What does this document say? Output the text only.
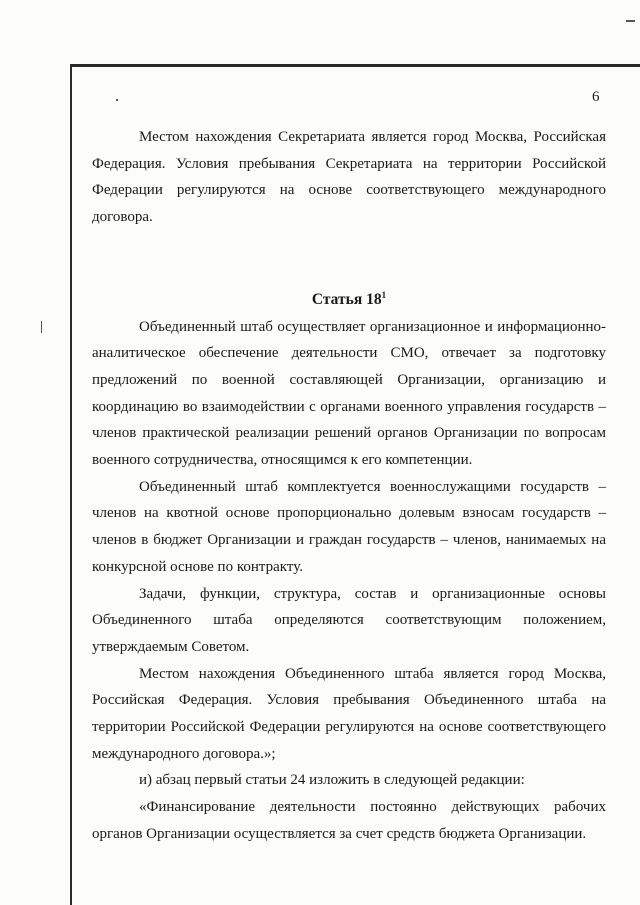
6

Местом нахождения Секретариата является город Москва, Российская Федерация. Условия пребывания Секретариата на территории Российской Федерации регулируются на основе соответствующего международного договора.

Статья $18^1$

Объединенный штаб осуществляет организационное и информационно-аналитическое обеспечение деятельности СМО, отвечает за подготовку предложений по военной составляющей Организации, организацию и координацию во взаимодействии с органами военного управления государств – членов практической реализации решений органов Организации по вопросам военного сотрудничества, относящимся к его компетенции.

Объединенный штаб комплектуется военнослужащими государств – членов на квотной основе пропорционально долевым взносам государств – членов в бюджет Организации и граждан государств – членов, нанимаемых на конкурсной основе по контракту.

Задачи, функции, структура, состав и организационные основы Объединенного штаба определяются соответствующим положением, утверждаемым Советом.

Местом нахождения Объединенного штаба является город Москва, Российская Федерация. Условия пребывания Объединенного штаба на территории Российской Федерации регулируются на основе соответствующего международного договора.»;

и) абзац первый статьи 24 изложить в следующей редакции:

«Финансирование деятельности постоянно действующих рабочих органов Организации осуществляется за счет средств бюджета Организации.
